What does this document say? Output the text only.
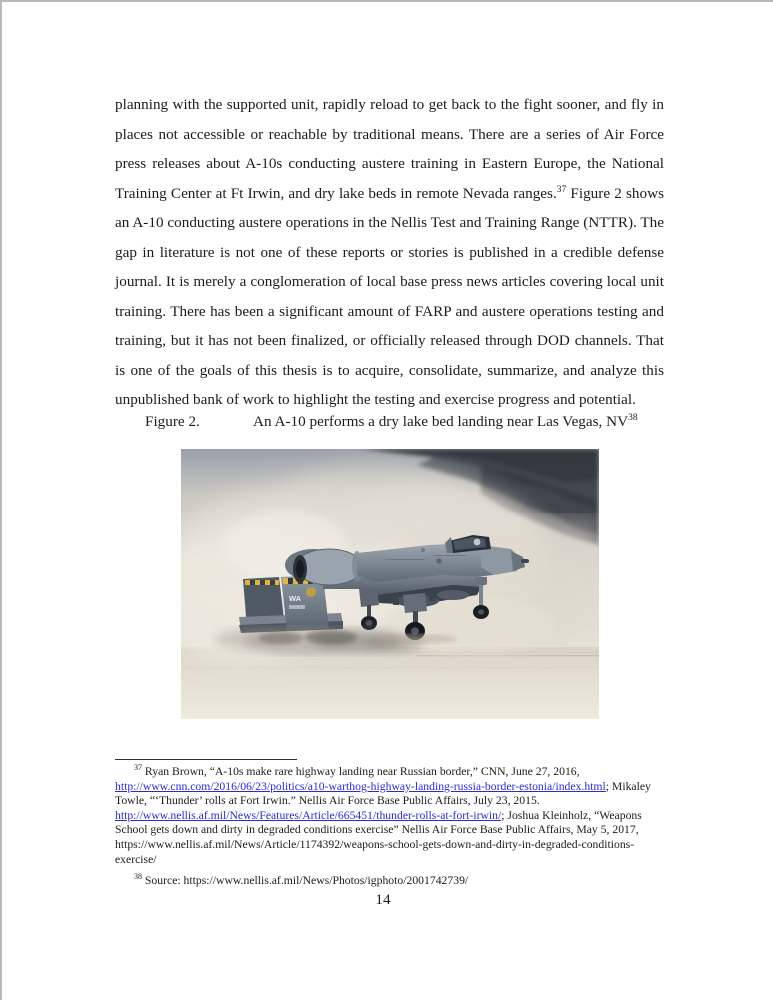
planning with the supported unit, rapidly reload to get back to the fight sooner, and fly in places not accessible or reachable by traditional means. There are a series of Air Force press releases about A-10s conducting austere training in Eastern Europe, the National Training Center at Ft Irwin, and dry lake beds in remote Nevada ranges.$^{37}$ Figure 2 shows an A-10 conducting austere operations in the Nellis Test and Training Range (NTTR). The gap in literature is not one of these reports or stories is published in a credible defense journal. It is merely a conglomeration of local base press news articles covering local unit training. There has been a significant amount of FARP and austere operations testing and training, but it has not been finalized, or officially released through DOD channels. That is one of the goals of this thesis is to acquire, consolidate, summarize, and analyze this unpublished bank of work to highlight the testing and exercise progress and potential.
Figure 2.	An A-10 performs a dry lake bed landing near Las Vegas, NV$^{38}$
WA

$^{37}$ Ryan Brown, “A-10s make rare highway landing near Russian border,” CNN, June 27, 2016, http://www.cnn.com/2016/06/23/politics/a10-warthog-highway-landing-russia-border-estonia/index.html; Mikaley Towle, “‘Thunder’ rolls at Fort Irwin.” Nellis Air Force Base Public Affairs, July 23, 2015. http://www.nellis.af.mil/News/Features/Article/665451/thunder-rolls-at-fort-irwin/; Joshua Kleinholz, “Weapons School gets down and dirty in degraded conditions exercise” Nellis Air Force Base Public Affairs, May 5, 2017, https://www.nellis.af.mil/News/Article/1174392/weapons-school-gets-down-and-dirty-in-degraded-conditions-exercise/

$^{38}$ Source: https://www.nellis.af.mil/News/Photos/igphoto/2001742739/

14
